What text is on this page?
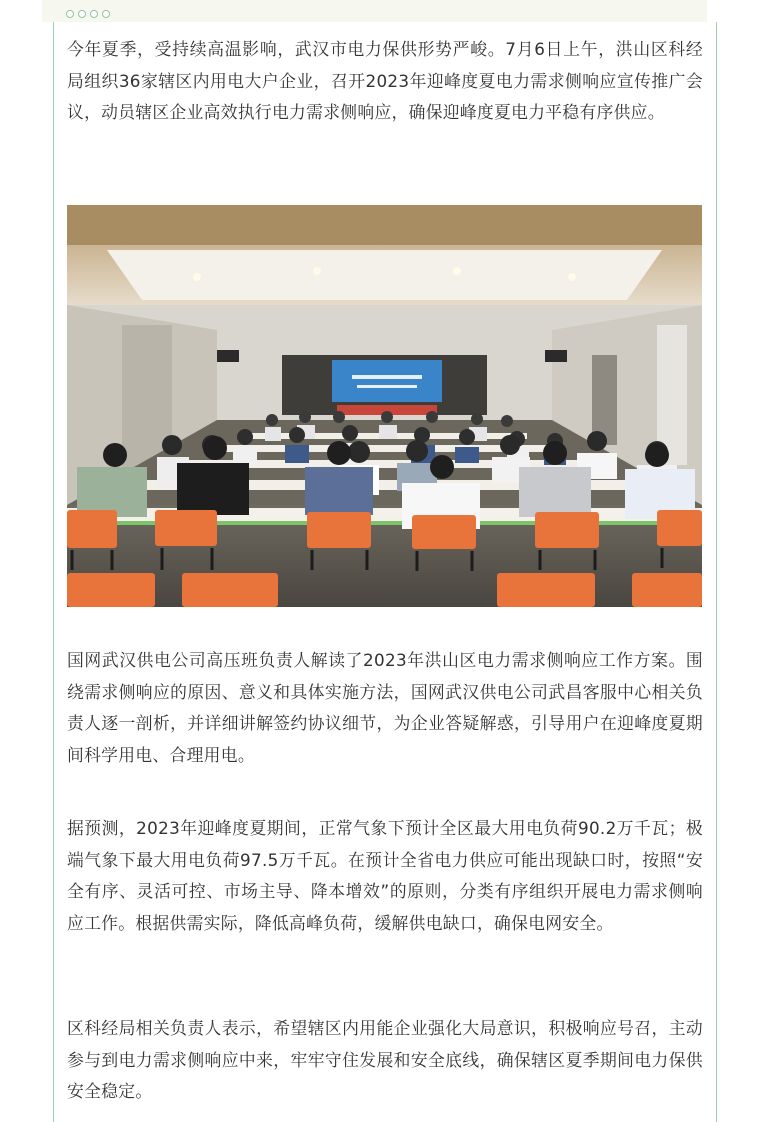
今年夏季，受持续高温影响，武汉市电力保供形势严峻。7月6日上午，洪山区科经局组织36家辖区内用电大户企业，召开2023年迎峰度夏电力需求侧响应宣传推广会议，动员辖区企业高效执行电力需求侧响应，确保迎峰度夏电力平稳有序供应。

国网武汉供电公司高压班负责人解读了2023年洪山区电力需求侧响应工作方案。围绕需求侧响应的原因、意义和具体实施方法，国网武汉供电公司武昌客服中心相关负责人逐一剖析，并详细讲解签约协议细节，为企业答疑解惑，引导用户在迎峰度夏期间科学用电、合理用电。

据预测，2023年迎峰度夏期间，正常气象下预计全区最大用电负荷90.2万千瓦；极端气象下最大用电负荷97.5万千瓦。在预计全省电力供应可能出现缺口时，按照“安全有序、灵活可控、市场主导、降本增效”的原则，分类有序组织开展电力需求侧响应工作。根据供需实际，降低高峰负荷，缓解供电缺口，确保电网安全。

区科经局相关负责人表示，希望辖区内用能企业强化大局意识，积极响应号召，主动参与到电力需求侧响应中来，牢牢守住发展和安全底线，确保辖区夏季期间电力保供安全稳定。
